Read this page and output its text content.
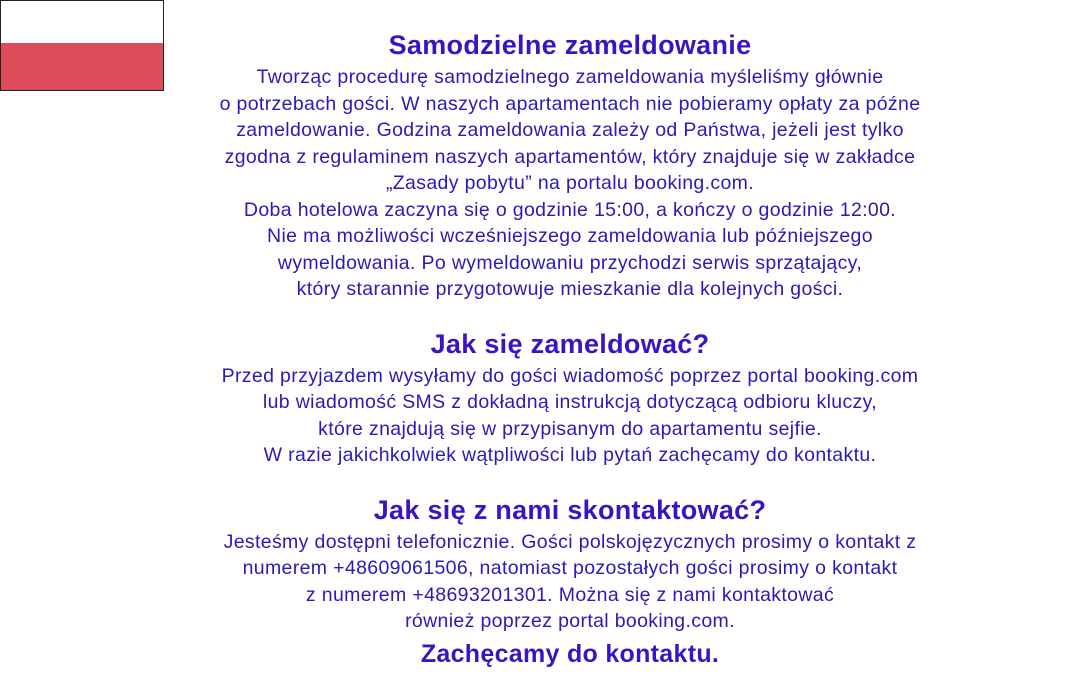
Samodzielne zameldowanie

Tworząc procedurę samodzielnego zameldowania myśleliśmy głównie

o potrzebach gości. W naszych apartamentach nie pobieramy opłaty za późne

zameldowanie. Godzina zameldowania zależy od Państwa, jeżeli jest tylko

zgodna z regulaminem naszych apartamentów, który znajduje się w zakładce

„Zasady pobytu” na portalu booking.com.

Doba hotelowa zaczyna się o godzinie 15:00, a kończy o godzinie 12:00.

Nie ma możliwości wcześniejszego zameldowania lub późniejszego

wymeldowania. Po wymeldowaniu przychodzi serwis sprzątający,

który starannie przygotowuje mieszkanie dla kolejnych gości.

Jak się zameldować?

Przed przyjazdem wysyłamy do gości wiadomość poprzez portal booking.com

lub wiadomość SMS z dokładną instrukcją dotyczącą odbioru kluczy,

które znajdują się w przypisanym do apartamentu sejfie.

W razie jakichkolwiek wątpliwości lub pytań zachęcamy do kontaktu.

Jak się z nami skontaktować?

Jesteśmy dostępni telefonicznie. Gości polskojęzycznych prosimy o kontakt z

numerem +48609061506, natomiast pozostałych gości prosimy o kontakt

z numerem +48693201301. Można się z nami kontaktować

również poprzez portal booking.com.

Zachęcamy do kontaktu.
